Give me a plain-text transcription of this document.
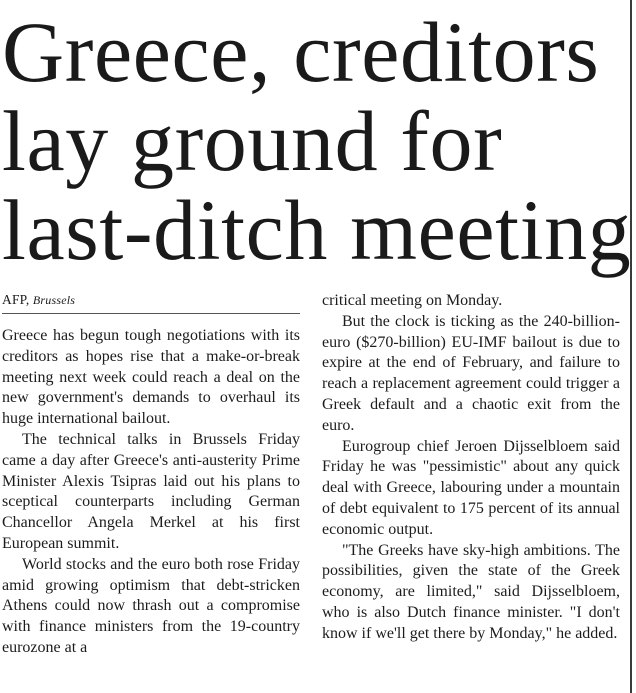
Greece, creditors
lay ground for
last-ditch meeting
AFP, Brussels

Greece has begun tough negotiations with its creditors as hopes rise that a make-or-break meeting next week could reach a deal on the new government's demands to overhaul its huge international bailout.

The technical talks in Brussels Friday came a day after Greece's anti-austerity Prime Minister Alexis Tsipras laid out his plans to sceptical counterparts including German Chancellor Angela Merkel at his first European summit.

World stocks and the euro both rose Friday amid growing optimism that debt-stricken Athens could now thrash out a compromise with finance ministers from the 19-country eurozone at a

critical meeting on Monday.

But the clock is ticking as the 240-billion-euro ($270-billion) EU-IMF bailout is due to expire at the end of February, and failure to reach a replacement agreement could trigger a Greek default and a chaotic exit from the euro.

Eurogroup chief Jeroen Dijsselbloem said Friday he was "pessimistic" about any quick deal with Greece, labouring under a mountain of debt equivalent to 175 percent of its annual economic output.

"The Greeks have sky-high ambitions. The possibilities, given the state of the Greek economy, are limited," said Dijsselbloem, who is also Dutch finance minister. "I don't know if we'll get there by Monday," he added.
